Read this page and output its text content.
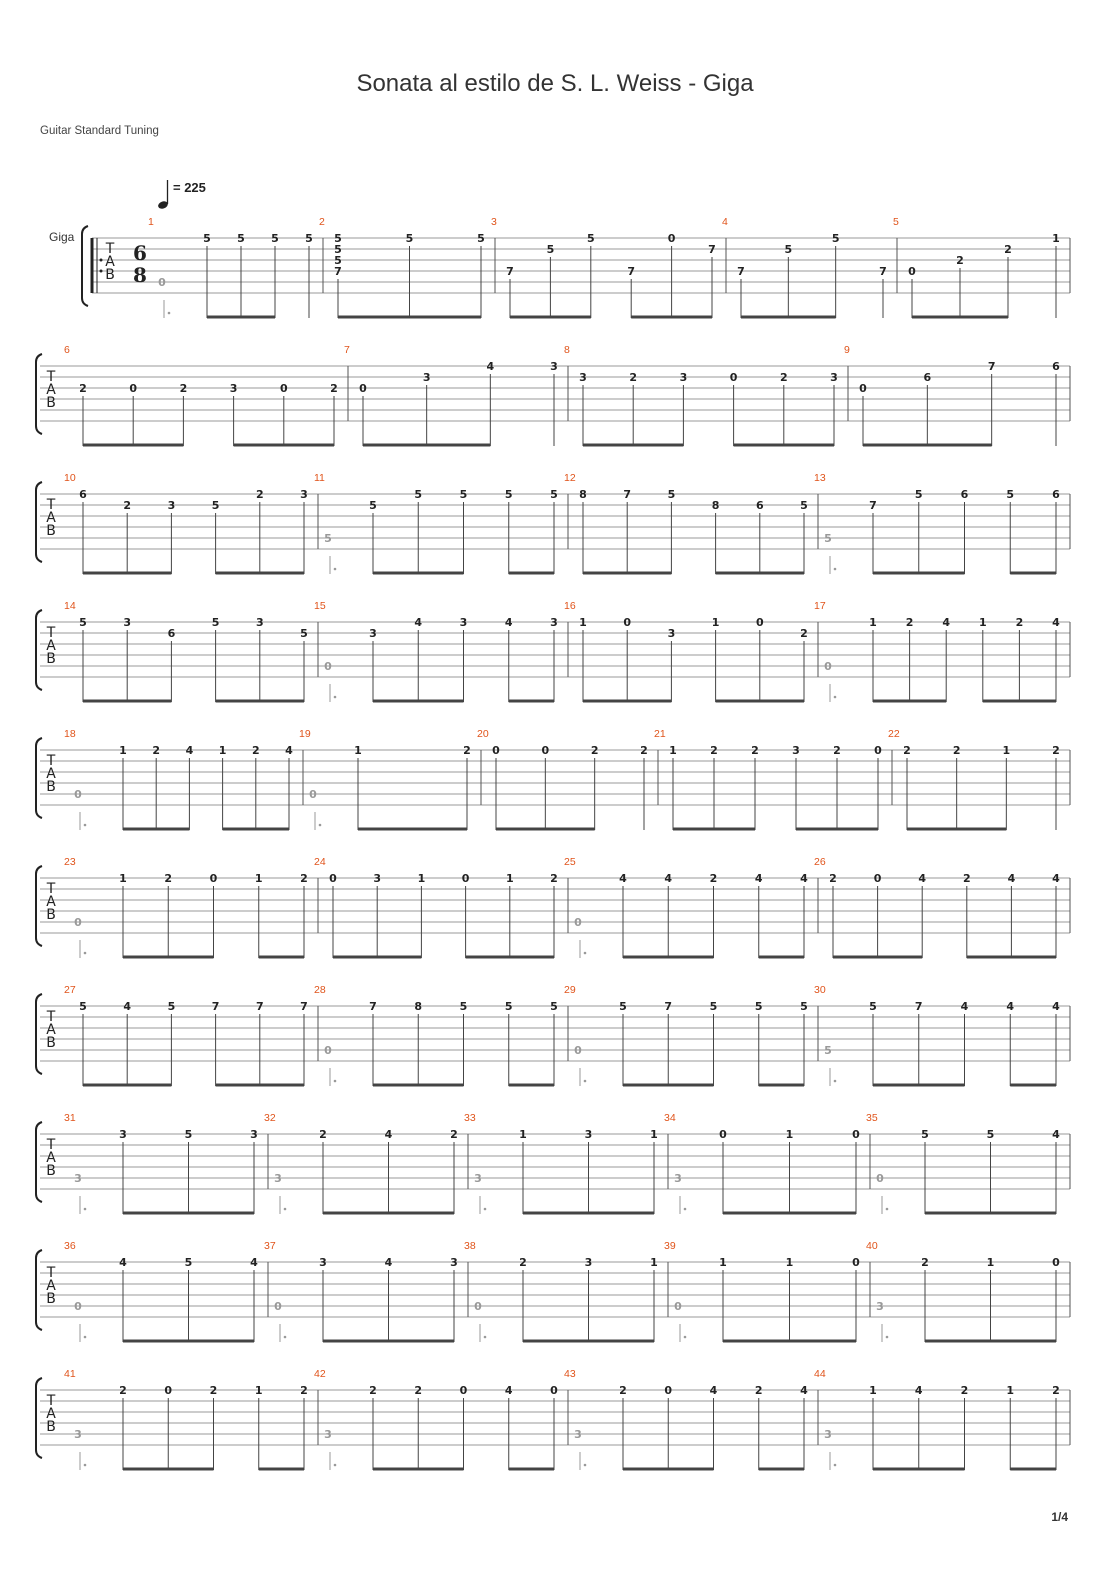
Sonata al estilo de S. L. Weiss - Giga
Guitar Standard Tuning
= 225
Giga
1/4
6
8
T
A
B
1
0
5 5 5 5
2
5
5
5
7
5	5
3
7
5
5
7
0
7
4
7
5
5
7
5
0
2
2
1
T
A
B
6
2	0	2	3	0	2
7
0
3
4	3
8
3	2	3	0	2	3
9
0
6
7	6
T
A
B
10
6
2	3	5
2	3
11
5
5
5	5	5	5
12
8	7	5
8	6	5
13
5
7
5	6	5	6
T
A
B
14
5	3
6
5	3
5
15
0
3
4	3	4	3
16
1	0
3
1	0
2
17
0
1	2	4	1	2	4
T
A
B
18
0
1 2 4 1 2 4
19
0
1	2
20
0	0	2	2
21
1	2	2	3	2	0
22
2	2	1	2
T
A
B
23
0
1	2	0	1	2
24
0	3	1	0	1	2
25
0
4	4	2	4	4
26
2	0	4	2	4	4
T
A
B
27
5	4	5	7	7	7
28
0
7	8	5	5	5
29
0
5	7	5	5	5
30
5
5	7	4	4	4
T
A
B
31
3
3	5	3
32
3
2	4	2
33
3
1	3	1
34
3
0	1	0
35
0
5	5	4
T
A
B
36
0
4	5	4
37
0
3	4	3
38
0
2	3	1
39
0
1	1	0
40
3
2	1	0
T
A
B
41
3
2	0	2	1	2
42
3
2	2	0	4	0
43
3
2	0	4	2	4
44
3
1	4	2	1	2
